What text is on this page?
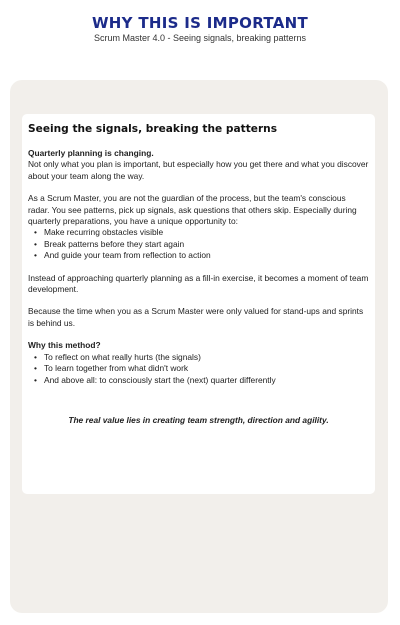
WHY THIS IS IMPORTANT
Scrum Master 4.0 - Seeing signals, breaking patterns
Seeing the signals, breaking the patterns

Quarterly planning is changing.

Not only what you plan is important, but especially how you get there and what you discover about your team along the way.

As a Scrum Master, you are not the guardian of the process, but the team's conscious radar. You see patterns, pick up signals, ask questions that others skip. Especially during quarterly preparations, you have a unique opportunity to:

• Make recurring obstacles visible
• Break patterns before they start again
• And guide your team from reflection to action

Instead of approaching quarterly planning as a fill-in exercise, it becomes a moment of team development.

Because the time when you as a Scrum Master were only valued for stand-ups and sprints is behind us.

Why this method?

• To reflect on what really hurts (the signals)
• To learn together from what didn't work
• And above all: to consciously start the (next) quarter differently

The real value lies in creating team strength, direction and agility.
